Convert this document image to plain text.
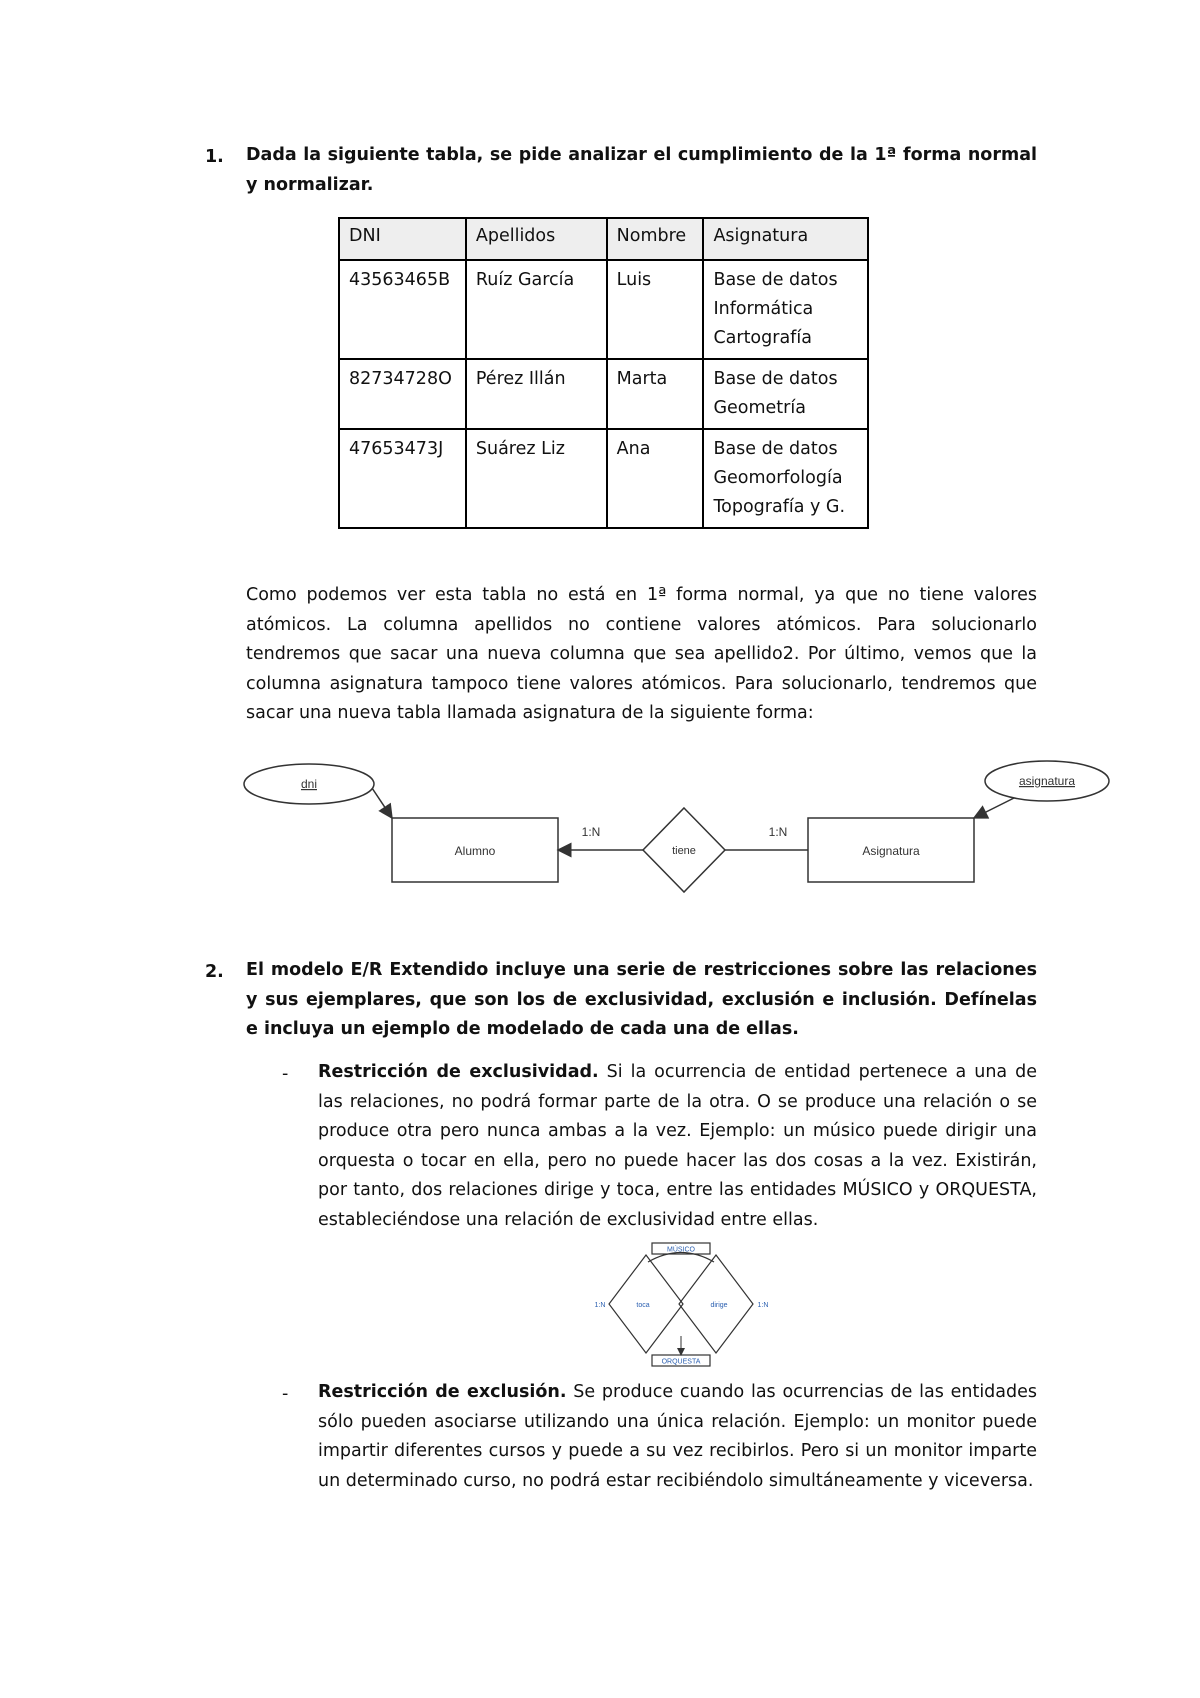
1. Dada la siguiente tabla, se pide analizar el cumplimiento de la 1ª forma normal y normalizar.
DNI	Apellidos	Nombre	Asignatura
43563465B	Ruíz García	Luis	Base de datos
Informática
Cartografía

82734728O	Pérez Illán	Marta	Base de datos
Geometría

47653473J	Suárez Liz	Ana	Base de datos
Geomorfología
Topografía y G.
Como podemos ver esta tabla no está en 1ª forma normal, ya que no tiene valores atómicos. La columna apellidos no contiene valores atómicos. Para solucionarlo tendremos que sacar una nueva columna que sea apellido2. Por último, vemos que la columna asignatura tampoco tiene valores atómicos. Para solucionarlo, tendremos que sacar una nueva tabla llamada asignatura de la siguiente forma:
dni
Alumno	tiene
1:N	1:N
Asignatura
asignatura
MÚSICO
ORQUESTA
toca	dirige
1:N	1:N
2. El modelo E/R Extendido incluye una serie de restricciones sobre las relaciones y sus ejemplares, que son los de exclusividad, exclusión e inclusión. Defínelas e incluya un ejemplo de modelado de cada una de ellas.
- Restricción de exclusividad. Si la ocurrencia de entidad pertenece a una de las relaciones, no podrá formar parte de la otra. O se produce una relación o se produce otra pero nunca ambas a la vez. Ejemplo: un músico puede dirigir una orquesta o tocar en ella, pero no puede hacer las dos cosas a la vez. Existirán, por tanto, dos relaciones dirige y toca, entre las entidades MÚSICO y ORQUESTA, estableciéndose una relación de exclusividad entre ellas.
- Restricción de exclusión. Se produce cuando las ocurrencias de las entidades sólo pueden asociarse utilizando una única relación. Ejemplo: un monitor puede impartir diferentes cursos y puede a su vez recibirlos. Pero si un monitor imparte un determinado curso, no podrá estar recibiéndolo simultáneamente y viceversa.
